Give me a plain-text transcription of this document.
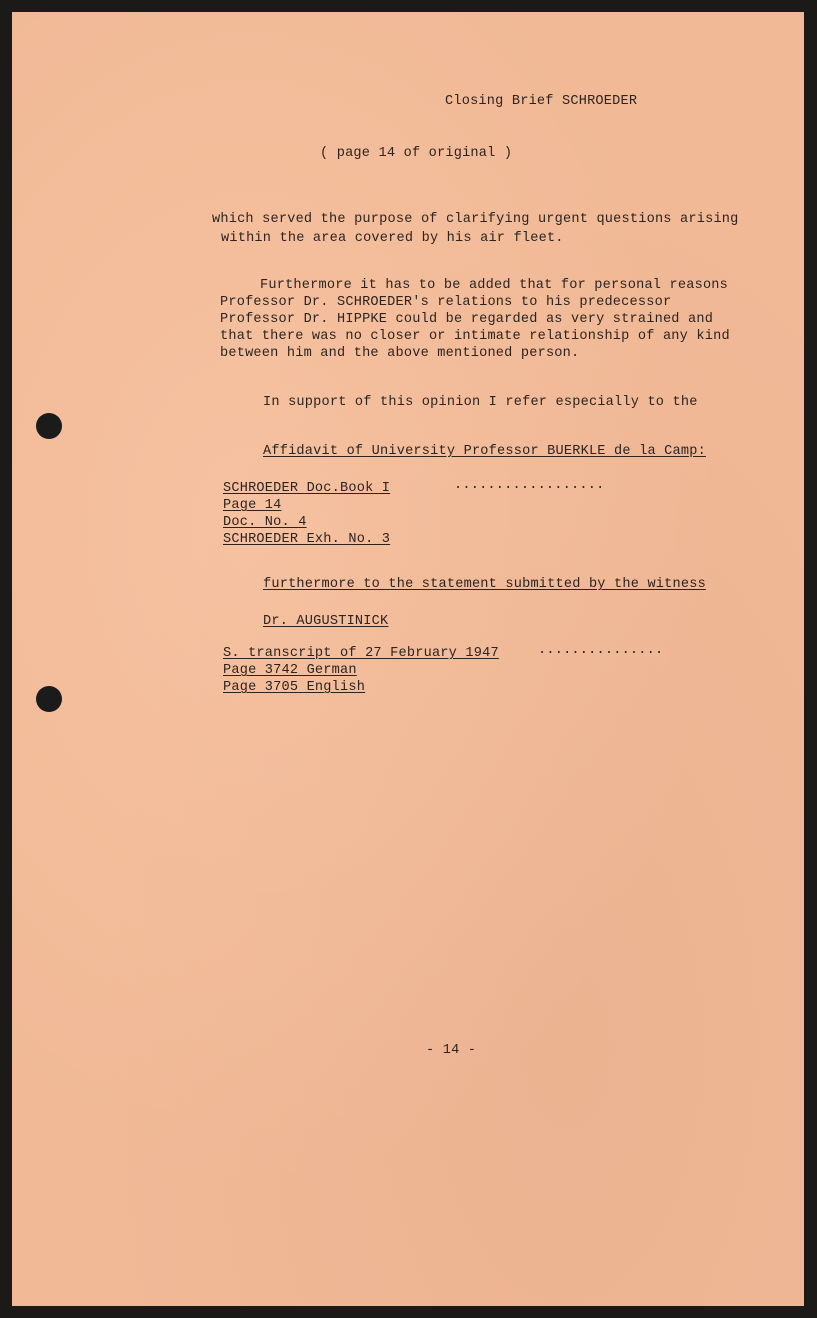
Closing Brief SCHROEDER
( page 14 of original )
which served the purpose of clarifying urgent questions arising
within the area covered by his air fleet.
Furthermore it has to be added that for personal reasons
Professor Dr. SCHROEDER's relations to his predecessor
Professor Dr. HIPPKE could be regarded as very strained and
that there was no closer or intimate relationship of any kind
between him and the above mentioned person.
In support of this opinion I refer especially to the
Affidavit of University Professor BUERKLE de la Camp:
SCHROEDER Doc.Book I
Page 14
Doc. No. 4
SCHROEDER Exh. No. 3
..................
furthermore to the statement submitted by the witness
Dr. AUGUSTINICK
S. transcript of 27 February 1947
Page 3742 German
Page 3705 English
...............
- 14 -
